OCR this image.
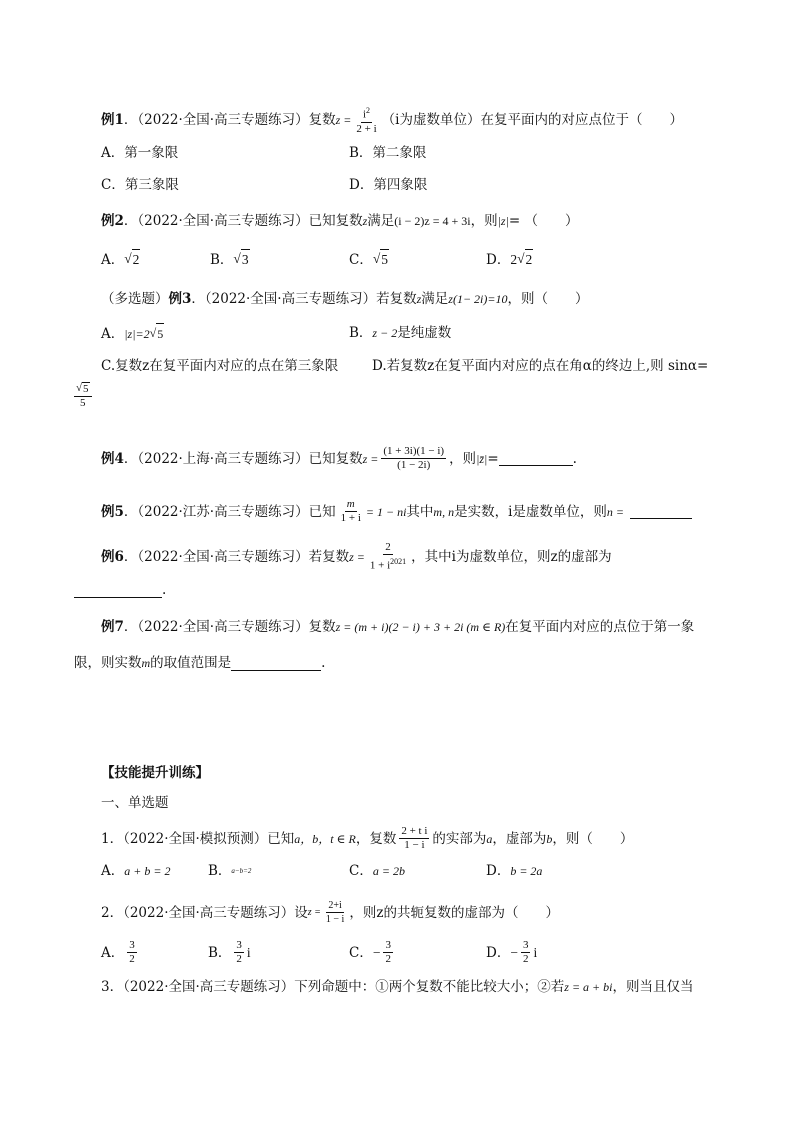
例1 ．（2022·全国·高三专题练习）复数 $z = \frac{i^2}{2 + i} (i$为虚数单位）在复平面内的对应点位于（　　）
A．第一象限	B．第二象限
C．第三象限	D．第四象限
例2 ．（2022·全国·高三专题练习）已知复数 z 满足 (i − 2)z = 4 + 3i ，则 |z| = （　　）
A． √ 2	B． √ 3	C． √ 5	D． 2 √ 2
（多选题） 例3 ．（2022·全国·高三专题练习）若复数 z 满足 z(1− 2i)=10 ，则（　　）
A． |z|=2 √ 5	B． z − 2 是纯虚数
C.复数z在复平面内对应的点在第三象限 D.若复数z在复平面内对应的点在角α的终边上,则 sinα=
$\frac{√ 5}{5}$
例4 ．（2022·上海·高三专题练习）已知复数 $z = \frac{(1 + 3i)(1 - i)}{(1 - 2i)}$ ，则 |z̄| =	.
例5 ．（2022·江苏·高三专题练习）已知 $\frac{m}{1 + i} = 1$ − ni 其中 m, n 是实数，i是虚数单位，则 n =
例6 ．（2022·全国·高三专题练习）若复数 $z = \frac{2}{1 + i^{2021}}$ ，其中i为虚数单位，则z的虚部为
.
例7 ．（2022·全国·高三专题练习）复数 z = (m + i)(2 − i) + 3 + 2i (m ∈ R) 在复平面内对应的点位于第一象
限，则实数 m 的取值范围是	.
【技能提升训练】
一、单选题
1．（2022·全国·模拟预测）已知 a，b，t ∈ R ，复数 $\frac{\text{2 + t i}}{1 - i}$ 的实部为 a ，虚部为 b ，则（　　）
A． a + b = 2	B． a−b=2	C． a = 2b	D． b = 2a
2．（2022·全国·高三专题练习）设 $z = \frac{2+i}{1 - i}$ ，则z的共轭复数的虚部为（　　）
A． $\frac{3}{2}$	B． $\frac{3}{2}$ i	C． − $\frac{3}{2}$	D． − $\frac{3}{2}$ i
3．（2022·全国·高三专题练习）下列命题中：①两个复数不能比较大小；②若 z = a + bi ，则当且仅当
